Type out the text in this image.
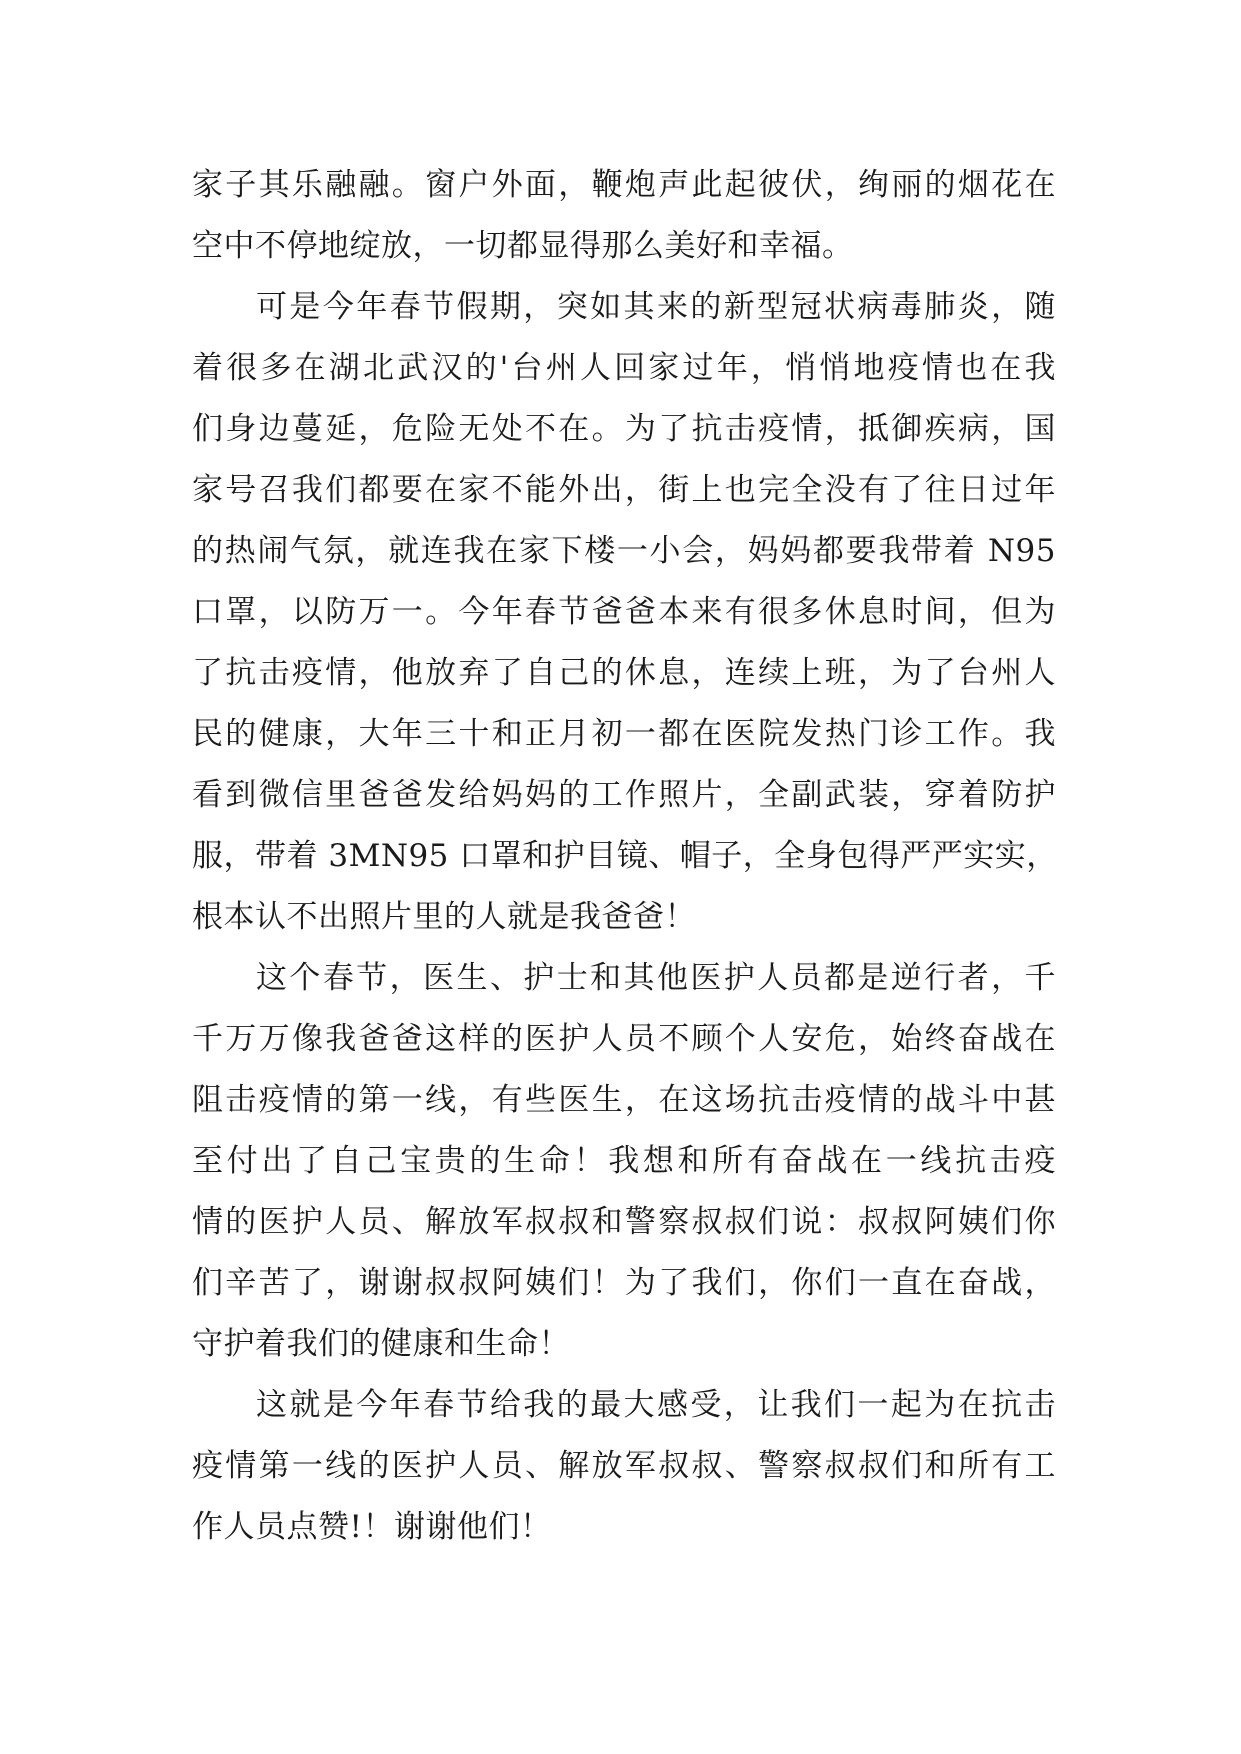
家子其乐融融。窗户外面，鞭炮声此起彼伏，绚丽的烟花在
空中不停地绽放，一切都显得那么美好和幸福。
可是今年春节假期，突如其来的新型冠状病毒肺炎，随
着很多在湖北武汉的'台州人回家过年，悄悄地疫情也在我
们身边蔓延，危险无处不在。为了抗击疫情，抵御疾病，国
家号召我们都要在家不能外出，街上也完全没有了往日过年
的热闹气氛，就连我在家下楼一小会，妈妈都要我带着 N95
口罩，以防万一。今年春节爸爸本来有很多休息时间，但为
了抗击疫情，他放弃了自己的休息，连续上班，为了台州人
民的健康，大年三十和正月初一都在医院发热门诊工作。我
看到微信里爸爸发给妈妈的工作照片，全副武装，穿着防护
服，带着 3MN95 口罩和护目镜、帽子，全身包得严严实实，
根本认不出照片里的人就是我爸爸！
这个春节，医生、护士和其他医护人员都是逆行者，千
千万万像我爸爸这样的医护人员不顾个人安危，始终奋战在
阻击疫情的第一线，有些医生，在这场抗击疫情的战斗中甚
至付出了自己宝贵的生命！我想和所有奋战在一线抗击疫
情的医护人员、解放军叔叔和警察叔叔们说：叔叔阿姨们你
们辛苦了，谢谢叔叔阿姨们！为了我们，你们一直在奋战，
守护着我们的健康和生命！
这就是今年春节给我的最大感受，让我们一起为在抗击
疫情第一线的医护人员、解放军叔叔、警察叔叔们和所有工
作人员点赞!！谢谢他们！
